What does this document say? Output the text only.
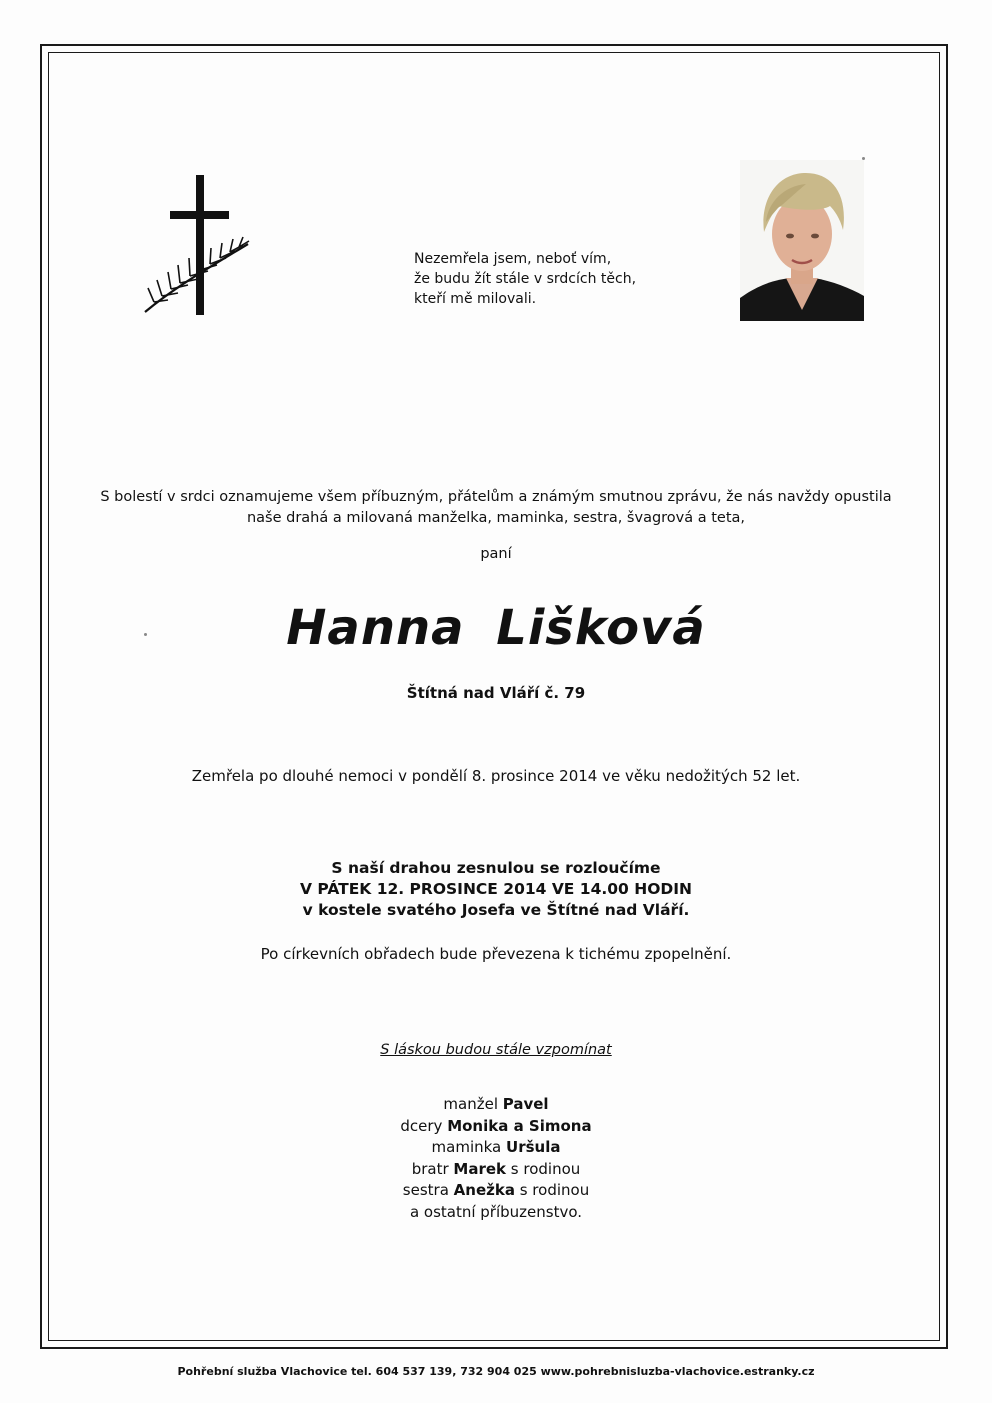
Nezemřela jsem, neboť vím,
že budu žít stále v srdcích těch,
kteří mě milovali.
S bolestí v srdci oznamujeme všem příbuzným, přátelům a známým smutnou zprávu, že nás navždy opustila
naše drahá a milovaná manželka, maminka, sestra, švagrová a teta,
paní
Hanna Lišková
Štítná nad Vláří č. 79
Zemřela po dlouhé nemoci v pondělí 8. prosince 2014 ve věku nedožitých 52 let.
S naší drahou zesnulou se rozloučíme
V PÁTEK 12. PROSINCE 2014 VE 14.00 HODIN
v kostele svatého Josefa ve Štítné nad Vláří.
Po církevních obřadech bude převezena k tichému zpopelnění.
S láskou budou stále vzpomínat
manžel Pavel
dcery Monika a Simona
maminka Uršula
bratr Marek s rodinou
sestra Anežka s rodinou
a ostatní příbuzenstvo.
Pohřební služba Vlachovice tel. 604 537 139, 732 904 025 www.pohrebnisluzba-vlachovice.estranky.cz
